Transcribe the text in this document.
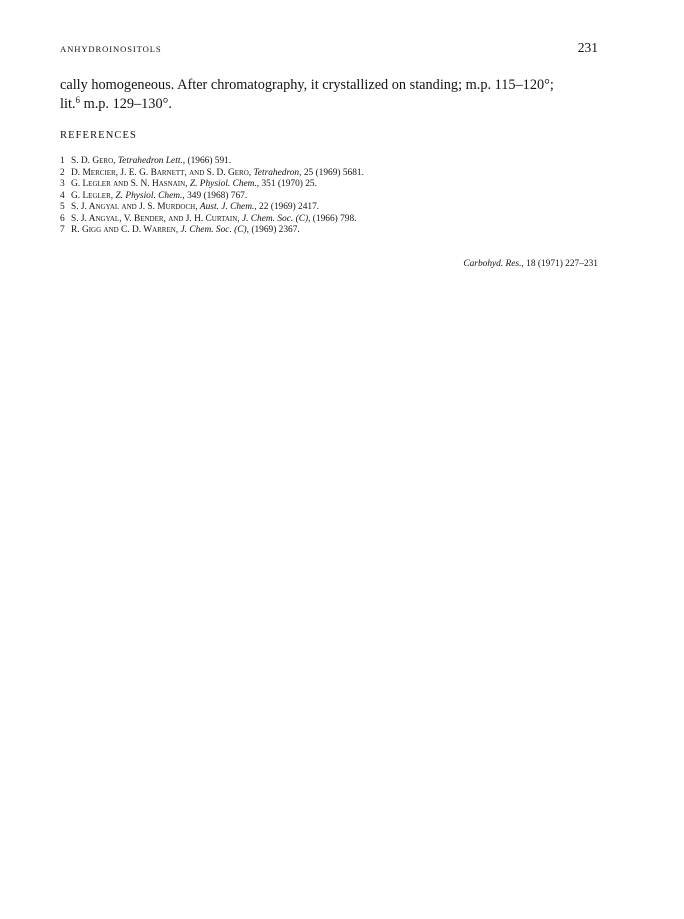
ANHYDROINOSITOLS	231
cally homogeneous. After chromatography, it crystallized on standing; m.p. 115–120°;
lit.$^6$ m.p. 129–130°.
REFERENCES
1 S. D. Gero, Tetrahedron Lett., (1966) 591.
2 D. Mercier, J. E. G. Barnett, and S. D. Gero, Tetrahedron, 25 (1969) 5681.
3 G. Legler and S. N. Hasnain, Z. Physiol. Chem., 351 (1970) 25.
4 G. Legler, Z. Physiol. Chem., 349 (1968) 767.
5 S. J. Angyal and J. S. Murdoch, Aust. J. Chem., 22 (1969) 2417.
6 S. J. Angyal, V. Bender, and J. H. Curtain, J. Chem. Soc. (C), (1966) 798.
7 R. Gigg and C. D. Warren, J. Chem. Soc. (C), (1969) 2367.
Carbohyd. Res., 18 (1971) 227–231
